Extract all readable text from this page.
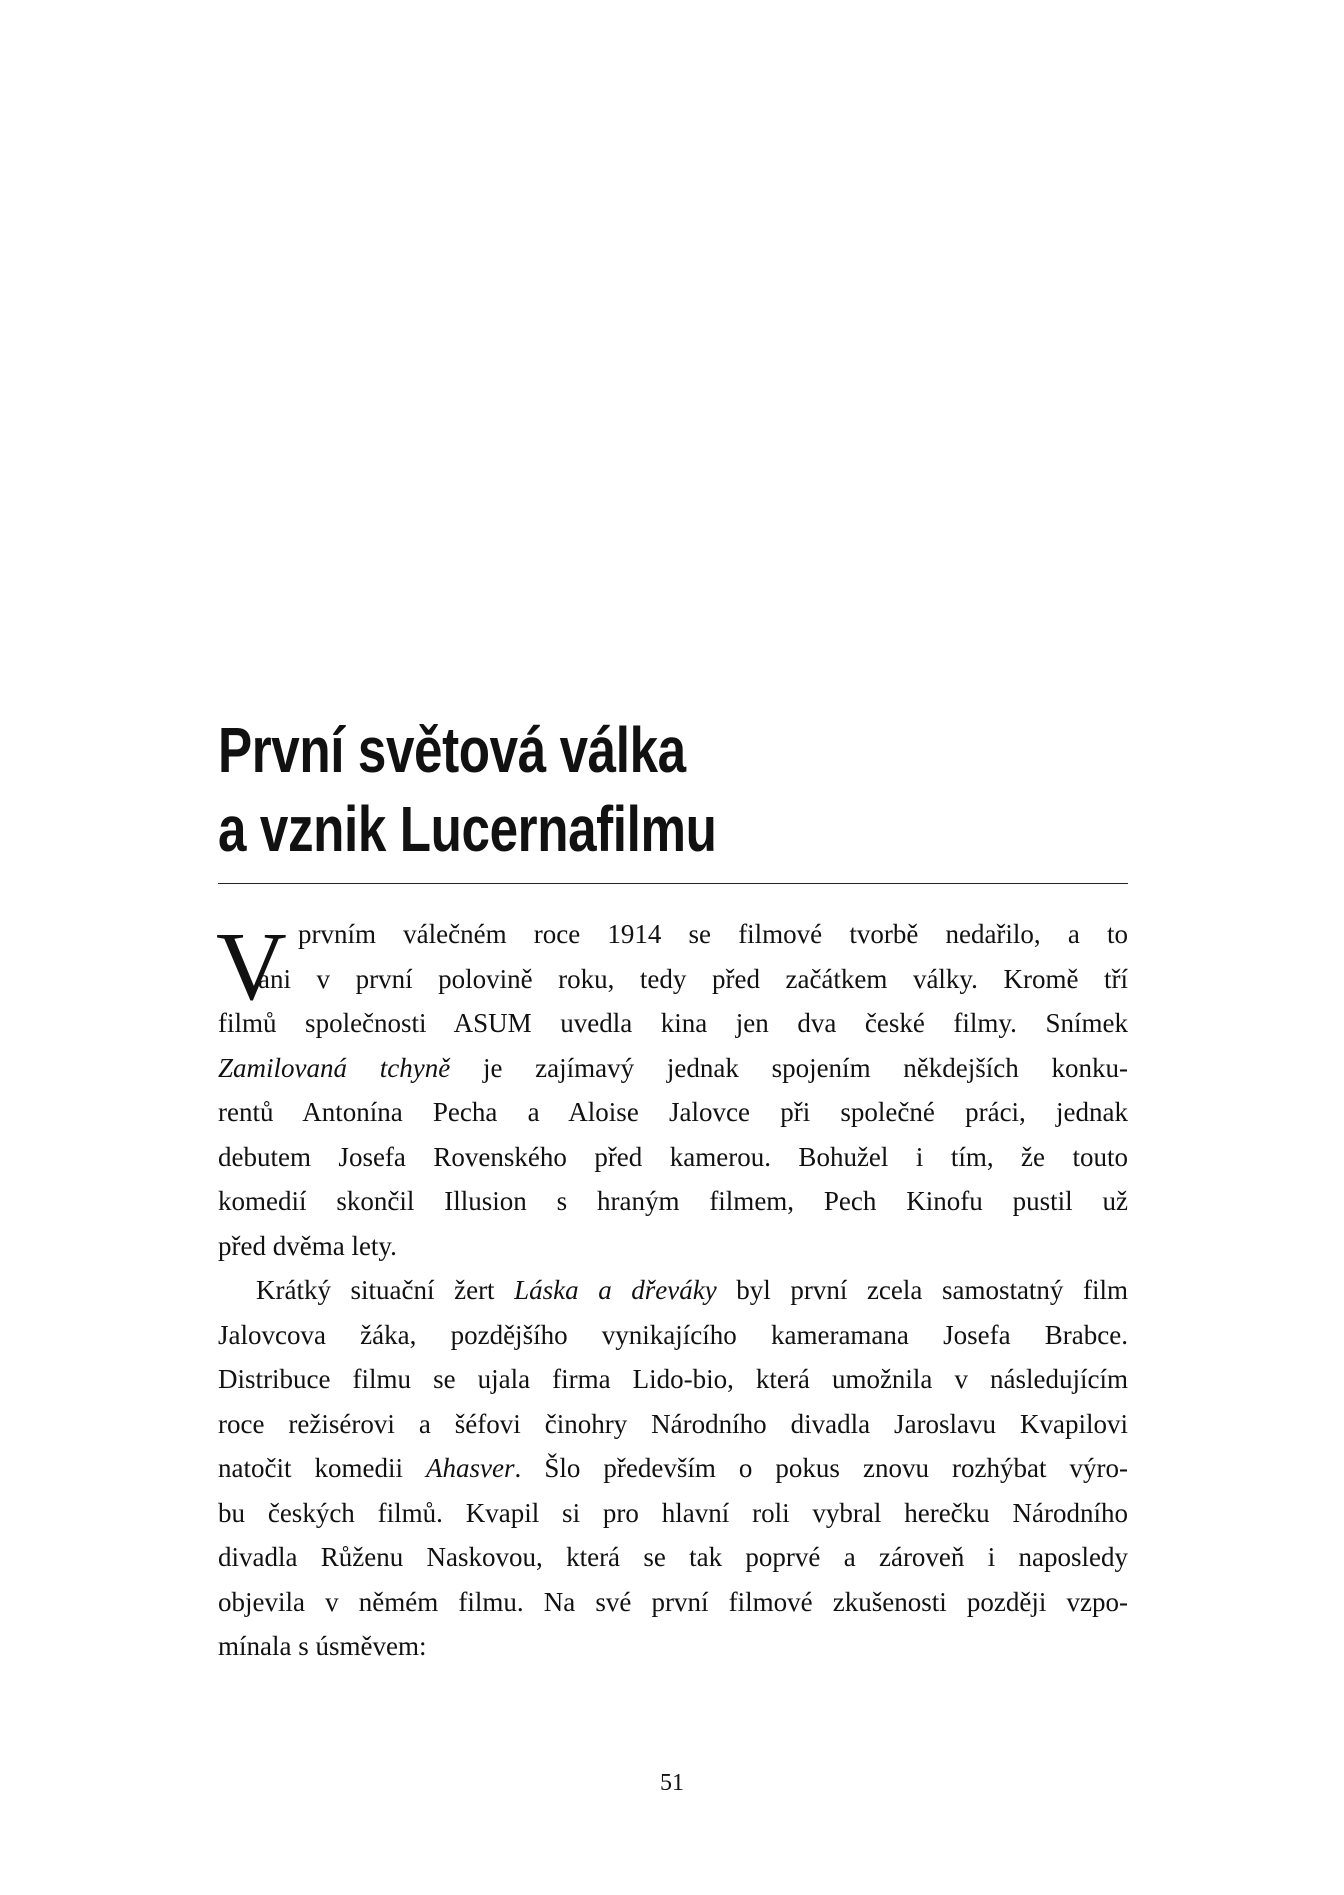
První světová válka
a vznik Lucernafilmu
V prvním válečném roce 1914 se filmové tvorbě nedařilo, a to
ani v první polovině roku, tedy před začátkem války. Kromě tří
filmů společnosti ASUM uvedla kina jen dva české filmy. Snímek
Zamilovaná tchyně je zajímavý jednak spojením někdejších konku-
rentů Antonína Pecha a Aloise Jalovce při společné práci, jednak
debutem Josefa Rovenského před kamerou. Bohužel i tím, že touto
komedií skončil Illusion s hraným filmem, Pech Kinofu pustil už
před dvěma lety.
Krátký situační žert Láska a dřeváky byl první zcela samostatný film
Jalovcova žáka, pozdějšího vynikajícího kameramana Josefa Brabce.
Distribuce filmu se ujala firma Lido-bio, která umožnila v následujícím
roce režisérovi a šéfovi činohry Národního divadla Jaroslavu Kvapilovi
natočit komedii Ahasver. Šlo především o pokus znovu rozhýbat výro-
bu českých filmů. Kvapil si pro hlavní roli vybral herečku Národního
divadla Růženu Naskovou, která se tak poprvé a zároveň i naposledy
objevila v němém filmu. Na své první filmové zkušenosti později vzpo-
mínala s úsměvem:
51
